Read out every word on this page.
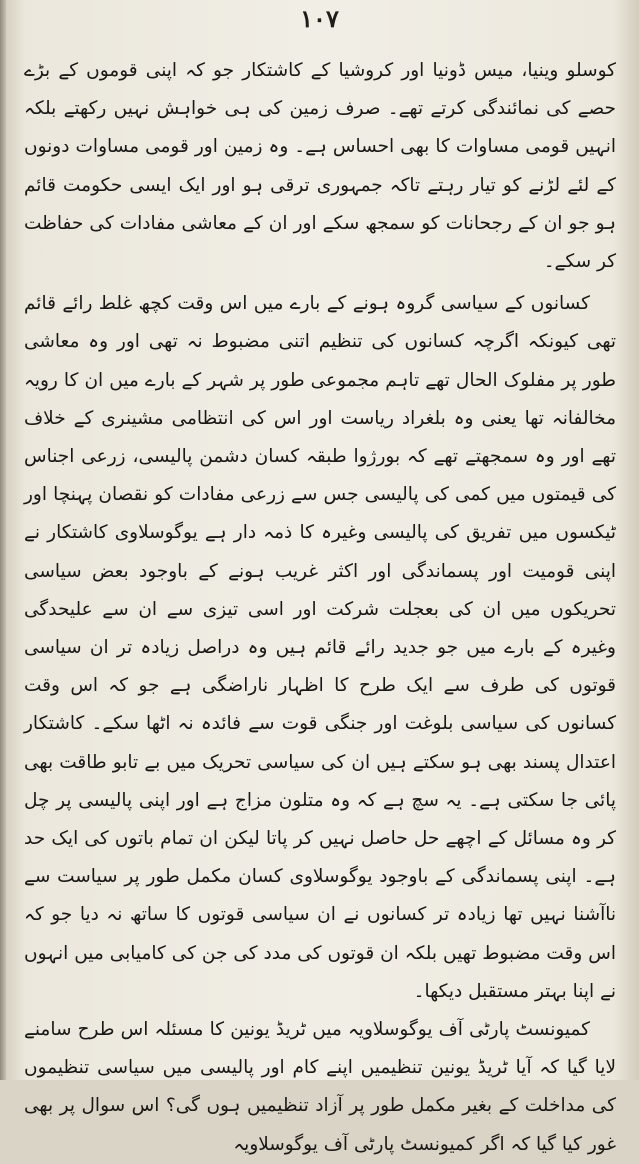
۱۰۷

کوسلو وینیا، میس ڈونیا اور کروشیا کے کاشتکار جو کہ اپنی قوموں کے بڑے حصے کی نمائندگی کرتے تھے۔ صرف زمین کی ہی خواہش نہیں رکھتے بلکہ انہیں قومی مساوات کا بھی احساس ہے۔ وہ زمین اور قومی مساوات دونوں کے لئے لڑنے کو تیار رہتے تاکہ جمہوری ترقی ہو اور ایک ایسی حکومت قائم ہو جو ان کے رجحانات کو سمجھ سکے اور ان کے معاشی مفادات کی حفاظت کر سکے۔

کسانوں کے سیاسی گروہ ہونے کے بارے میں اس وقت کچھ غلط رائے قائم تھی کیونکہ اگرچہ کسانوں کی تنظیم اتنی مضبوط نہ تھی اور وہ معاشی طور پر مفلوک الحال تھے تاہم مجموعی طور پر شہر کے بارے میں ان کا رویہ مخالفانہ تھا یعنی وہ بلغراد ریاست اور اس کی انتظامی مشینری کے خلاف تھے اور وہ سمجھتے تھے کہ بورژوا طبقہ کسان دشمن پالیسی، زرعی اجناس کی قیمتوں میں کمی کی پالیسی جس سے زرعی مفادات کو نقصان پہنچا اور ٹیکسوں میں تفریق کی پالیسی وغیرہ کا ذمہ دار ہے یوگوسلاوی کاشتکار نے اپنی قومیت اور پسماندگی اور اکثر غریب ہونے کے باوجود بعض سیاسی تحریکوں میں ان کی بعجلت شرکت اور اسی تیزی سے ان سے علیحدگی وغیرہ کے بارے میں جو جدید رائے قائم ہیں وہ دراصل زیادہ تر ان سیاسی قوتوں کی طرف سے ایک طرح کا اظہار ناراضگی ہے جو کہ اس وقت کسانوں کی سیاسی بلوغت اور جنگی قوت سے فائدہ نہ اٹھا سکے۔ کاشتکار اعتدال پسند بھی ہو سکتے ہیں ان کی سیاسی تحریک میں بے تابو طاقت بھی پائی جا سکتی ہے۔ یہ سچ ہے کہ وہ متلون مزاج ہے اور اپنی پالیسی پر چل کر وہ مسائل کے اچھے حل حاصل نہیں کر پاتا لیکن ان تمام باتوں کی ایک حد ہے۔ اپنی پسماندگی کے باوجود یوگوسلاوی کسان مکمل طور پر سیاست سے ناآشنا نہیں تھا زیادہ تر کسانوں نے ان سیاسی قوتوں کا ساتھ نہ دیا جو کہ اس وقت مضبوط تھیں بلکہ ان قوتوں کی مدد کی جن کی کامیابی میں انہوں نے اپنا بہتر مستقبل دیکھا۔

کمیونسٹ پارٹی آف یوگوسلاویہ میں ٹریڈ یونین کا مسئلہ اس طرح سامنے لایا گیا کہ آیا ٹریڈ یونین تنظیمیں اپنے کام اور پالیسی میں سیاسی تنظیموں کی مداخلت کے بغیر مکمل طور پر آزاد تنظیمیں ہوں گی؟ اس سوال پر بھی غور کیا گیا کہ اگر کمیونسٹ پارٹی آف یوگوسلاویہ
